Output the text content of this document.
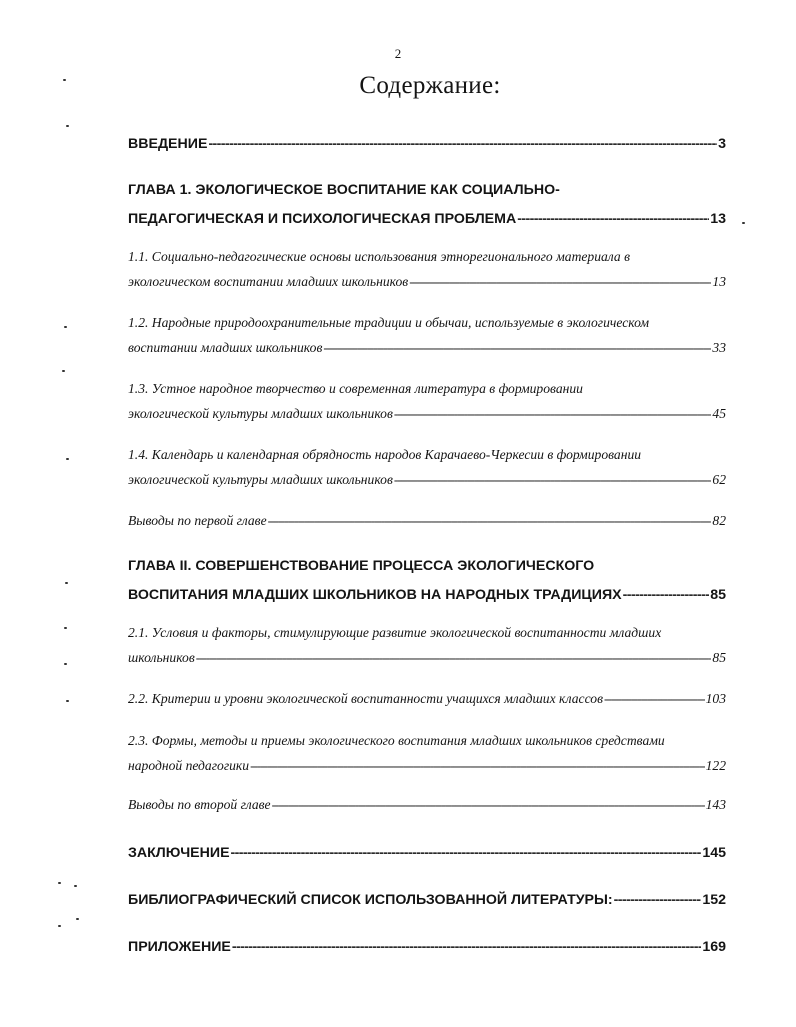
2
Содержание:
ВВЕДЕНИЕ -----	3
ГЛАВА 1. ЭКОЛОГИЧЕСКОЕ ВОСПИТАНИЕ КАК СОЦИАЛЬНО-
ПЕДАГОГИЧЕСКАЯ И ПСИХОЛОГИЧЕСКАЯ ПРОБЛЕМА -----	13
1.1. Социально-педагогические основы использования этнорегионального материала в
экологическом воспитании младших школьников -----	13
1.2. Народные природоохранительные традиции и обычаи, используемые в экологическом
воспитании младших школьников -----	33
1.3. Устное народное творчество и современная литература в формировании
экологической культуры младших школьников -----	45
1.4. Календарь и календарная обрядность народов Карачаево-Черкесии в формировании
экологической культуры младших школьников -----	62
Выводы по первой главе -----	82
ГЛАВА II. СОВЕРШЕНСТВОВАНИЕ ПРОЦЕССА ЭКОЛОГИЧЕСКОГО
ВОСПИТАНИЯ МЛАДШИХ ШКОЛЬНИКОВ НА НАРОДНЫХ ТРАДИЦИЯХ -----	85
2.1. Условия и факторы, стимулирующие развитие экологической воспитанности младших
школьников -----	85
2.2. Критерии и уровни экологической воспитанности учащихся младших классов -----	103
2.3. Формы, методы и приемы экологического воспитания младших школьников средствами
народной педагогики -----	122
Выводы по второй главе -----	143
ЗАКЛЮЧЕНИЕ -----	145
БИБЛИОГРАФИЧЕСКИЙ СПИСОК ИСПОЛЬЗОВАННОЙ ЛИТЕРАТУРЫ: -----	152
ПРИЛОЖЕНИЕ -----	169
